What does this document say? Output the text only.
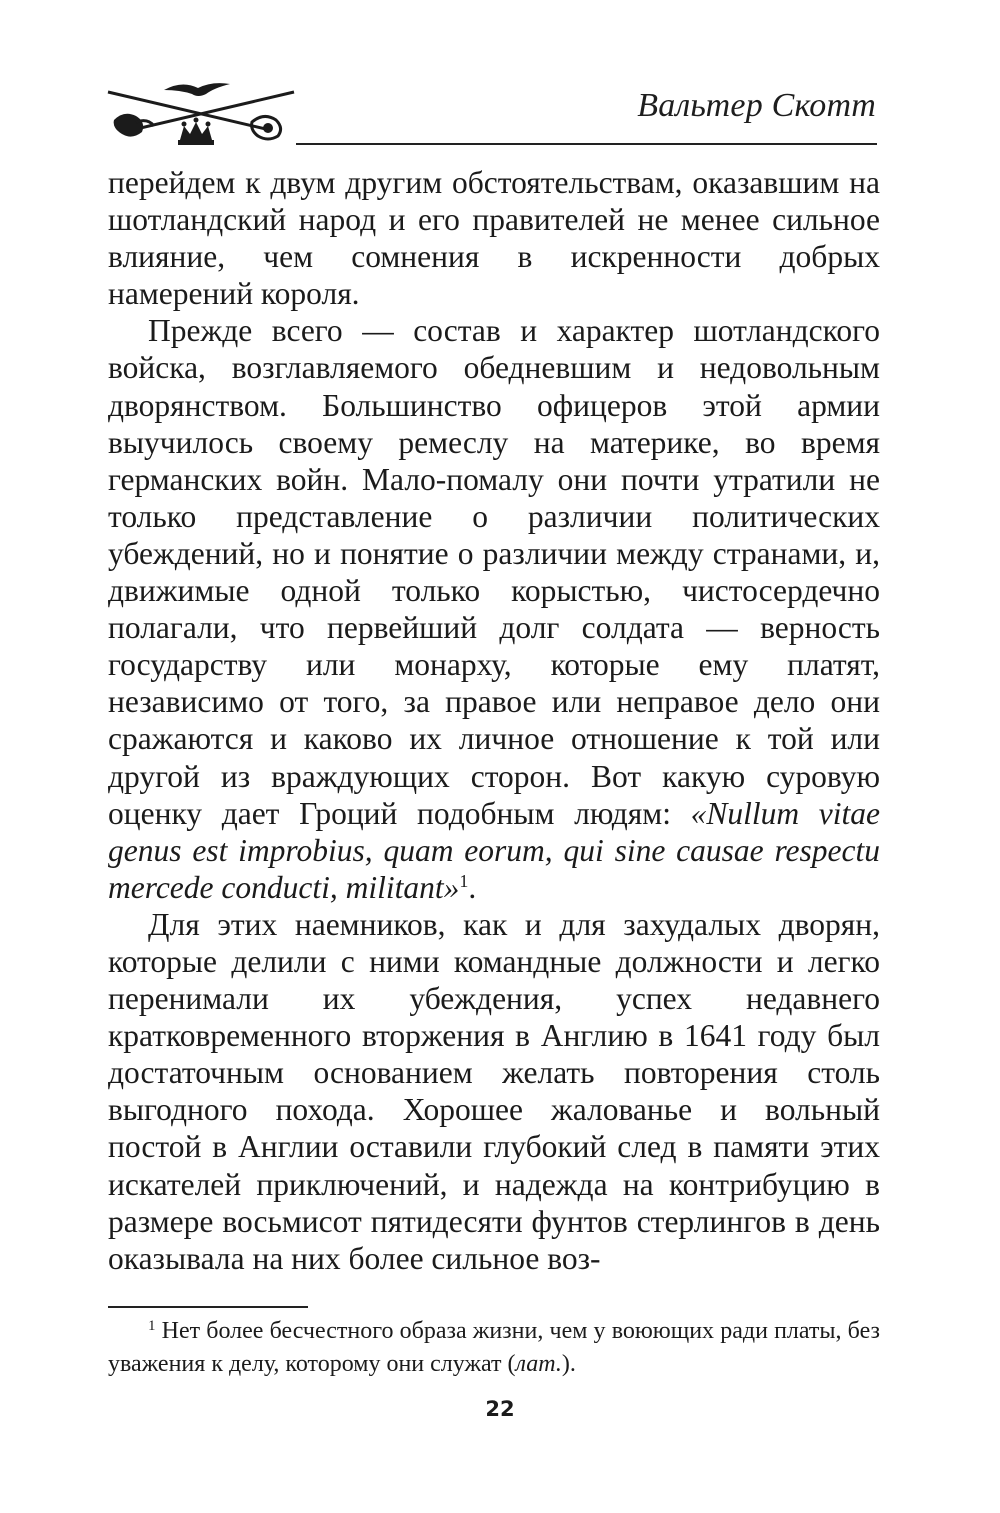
Вальтер Скотт

перейдем к двум другим обстоятельствам, оказавшим на шотландский народ и его правителей не менее сильное влияние, чем сомнения в искренности добрых намерений короля.

Прежде всего — состав и характер шотландского войска, возглавляемого обедневшим и недовольным дворянством. Большинство офицеров этой армии выучилось своему ремеслу на материке, во время германских войн. Мало-помалу они почти утратили не только представление о различии политических убеждений, но и понятие о различии между странами, и, движимые одной только корыстью, чистосердечно полагали, что первейший долг солдата — верность государству или монарху, которые ему платят, независимо от того, за правое или неправое дело они сражаются и каково их личное отношение к той или другой из враждующих сторон. Вот какую суровую оценку дает Гроций подобным людям: «Nullum vitae genus est improbius, quam eorum, qui sine causae respectu mercede conducti, militant»$^1$.

Для этих наемников, как и для захудалых дворян, которые делили с ними командные должности и легко перенимали их убеждения, успех недавнего кратковременного вторжения в Англию в 1641 году был достаточным основанием желать повторения столь выгодного похода. Хорошее жалованье и вольный постой в Англии оставили глубокий след в памяти этих искателей приключений, и надежда на контрибуцию в размере восьмисот пятидесяти фунтов стерлингов в день оказывала на них более сильное воз-

$^1$ Нет более бесчестного образа жизни, чем у воюющих ради платы, без уважения к делу, которому они служат (лат.).

22
